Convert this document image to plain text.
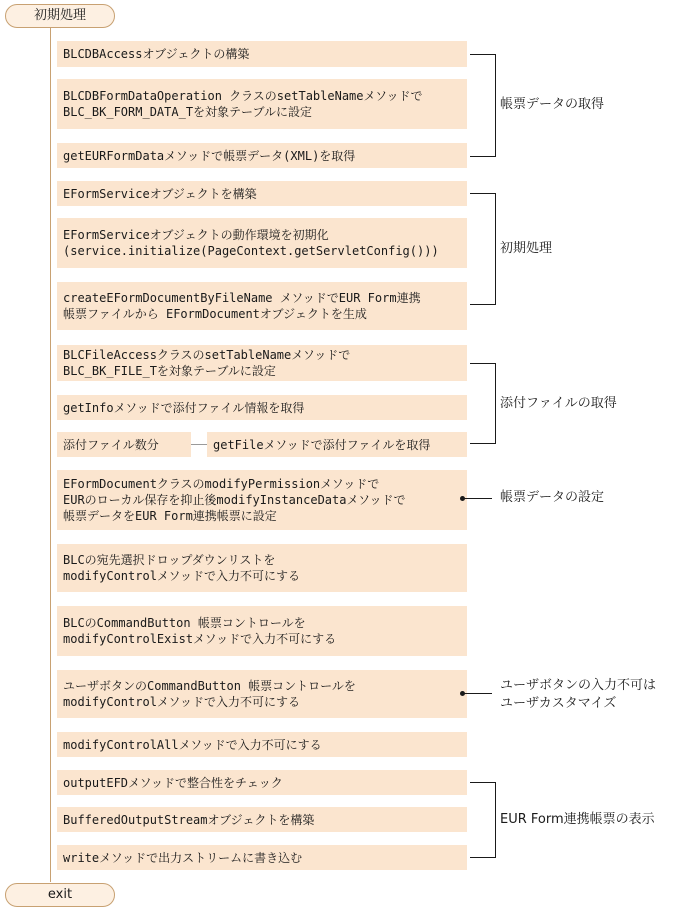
初期処理
exit
BLCDBAccessオブジェクトの構築
BLCDBFormDataOperation クラスのsetTableNameメソッドで
BLC_BK_FORM_DATA_Tを対象テーブルに設定
getEURFormDataメソッドで帳票データ(XML)を取得
EFormServiceオブジェクトを構築
EFormServiceオブジェクトの動作環境を初期化
(service.initialize(PageContext.getServletConfig()))
createEFormDocumentByFileName メソッドでEUR Form連携
帳票ファイルから EFormDocumentオブジェクトを生成
BLCFileAccessクラスのsetTableNameメソッドで
BLC_BK_FILE_Tを対象テーブルに設定
getInfoメソッドで添付ファイル情報を取得
添付ファイル数分	getFileメソッドで添付ファイルを取得
EFormDocumentクラスのmodifyPermissionメソッドで
EURのローカル保存を抑止後modifyInstanceDataメソッドで
帳票データをEUR Form連携帳票に設定
BLCの宛先選択ドロップダウンリストを
modifyControlメソッドで入力不可にする
BLCのCommandButton 帳票コントロールを
modifyControlExistメソッドで入力不可にする
ユーザボタンのCommandButton 帳票コントロールを
modifyControlメソッドで入力不可にする
modifyControlAllメソッドで入力不可にする
outputEFDメソッドで整合性をチェック
BufferedOutputStreamオブジェクトを構築
writeメソッドで出力ストリームに書き込む
帳票データの取得
初期処理
添付ファイルの取得
帳票データの設定
ユーザボタンの入力不可は
ユーザカスタマイズ
EUR Form連携帳票の表示
